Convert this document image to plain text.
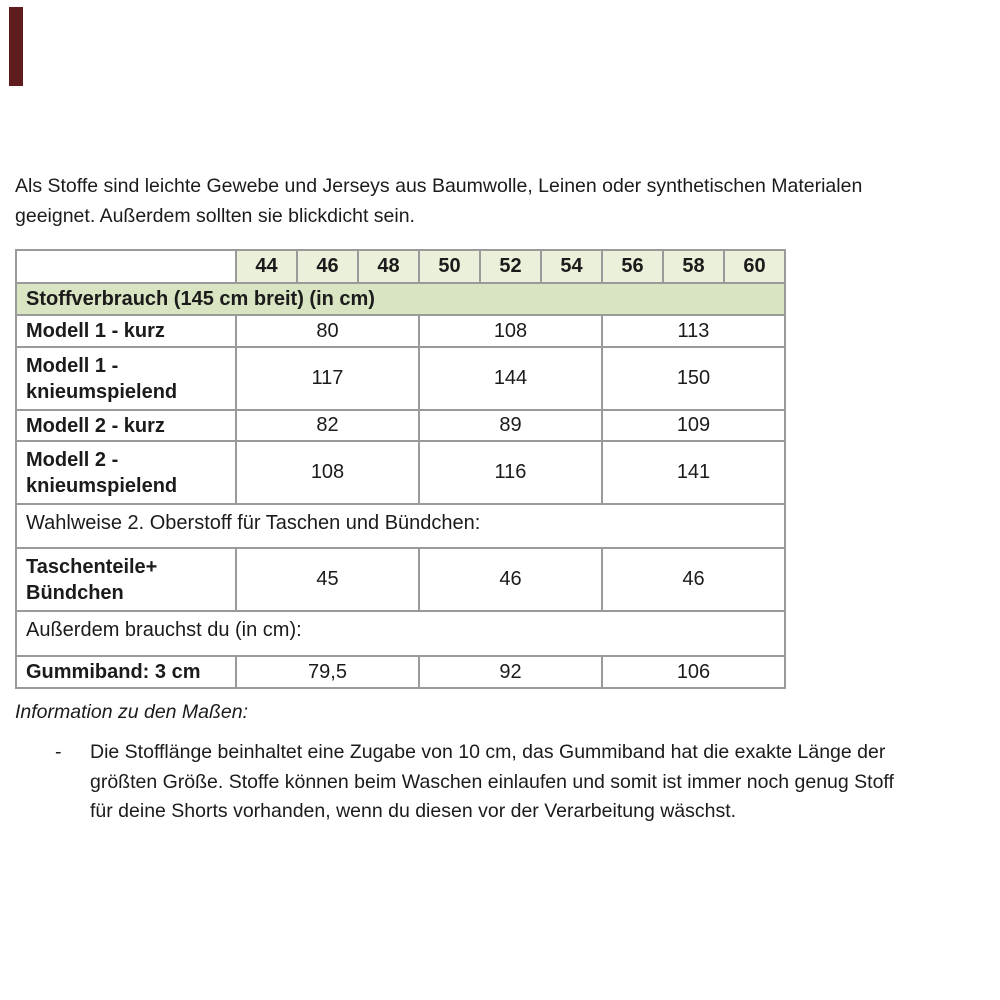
Als Stoffe sind leichte Gewebe und Jerseys aus Baumwolle, Leinen oder synthetischen Materialen
geeignet. Außerdem sollten sie blickdicht sein.
	44	46	48	50	52	54	56	58	60
Stoffverbrauch (145 cm breit) (in cm)									
Modell 1 - kurz	80			108			113		
Modell 1 - knieumspielend	117			144			150		
Modell 2 - kurz	82			89			109		
Modell 2 - knieumspielend	108			116			141		
Wahlweise 2. Oberstoff für Taschen und Bündchen:									
Taschenteile+ Bündchen	45			46			46		
Außerdem brauchst du (in cm):									
Gummiband: 3 cm	79,5			92			106		
Information zu den Maßen:
- Die Stofflänge beinhaltet eine Zugabe von 10 cm, das Gummiband hat die exakte Länge der
größten Größe. Stoffe können beim Waschen einlaufen und somit ist immer noch genug Stoff
für deine Shorts vorhanden, wenn du diesen vor der Verarbeitung wäschst.
